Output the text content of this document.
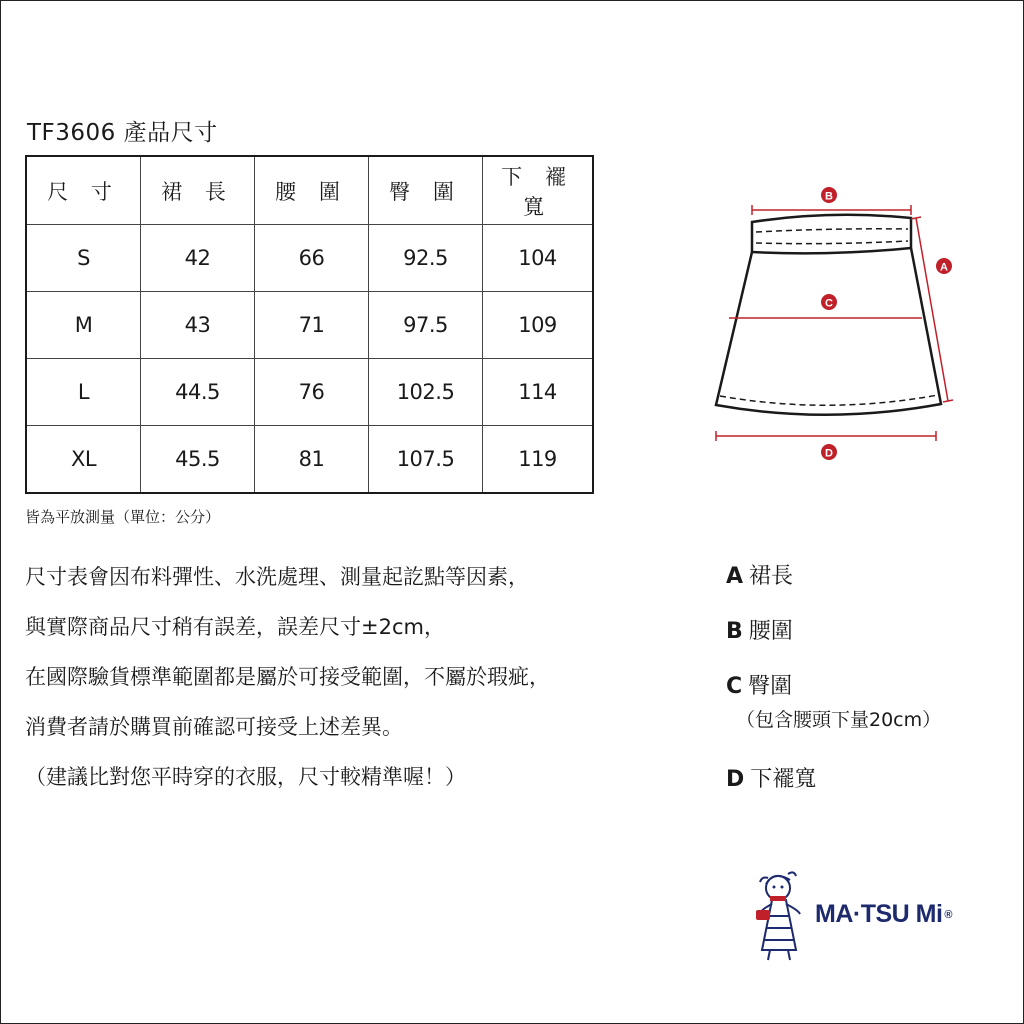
TF3606 產品尺寸
尺 寸	裙 長	腰 圍	臀 圍	下 襬 寬
S	42	66	92.5	104
M	43	71	97.5	109
L	44.5	76	102.5	114
XL	45.5	81	107.5	119
皆為平放測量（單位：公分）
B
A
C
D
尺寸表會因布料彈性、水洗處理、測量起訖點等因素，
與實際商品尺寸稍有誤差，誤差尺寸±2cm，
在國際驗貨標準範圍都是屬於可接受範圍，不屬於瑕疵，
消費者請於購買前確認可接受上述差異。
（建議比對您平時穿的衣服，尺寸較精準喔！）
A 裙長
B 腰圍
C 臀圍
（包含腰頭下量20cm）
D 下襬寬
MA·TSU Mi ®
